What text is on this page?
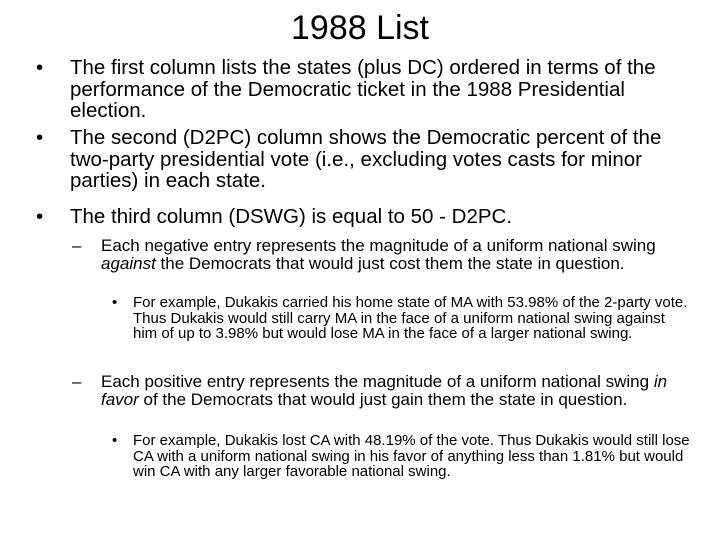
1988 List
• The first column lists the states (plus DC) ordered in terms of the performance of the Democratic ticket in the 1988 Presidential election.
• The second (D2PC) column shows the Democratic percent of the two-party presidential vote (i.e., excluding votes casts for minor parties) in each state.
• The third column (DSWG) is equal to 50 - D2PC.
– Each negative entry represents the magnitude of a uniform national swing against the Democrats that would just cost them the state in question.
• For example, Dukakis carried his home state of MA with 53.98% of the 2-party vote. Thus Dukakis would still carry MA in the face of a uniform national swing against him of up to 3.98% but would lose MA in the face of a larger national swing.
– Each positive entry represents the magnitude of a uniform national swing in favor of the Democrats that would just gain them the state in question.
• For example, Dukakis lost CA with 48.19% of the vote. Thus Dukakis would still lose CA with a uniform national swing in his favor of anything less than 1.81% but would win CA with any larger favorable national swing.
